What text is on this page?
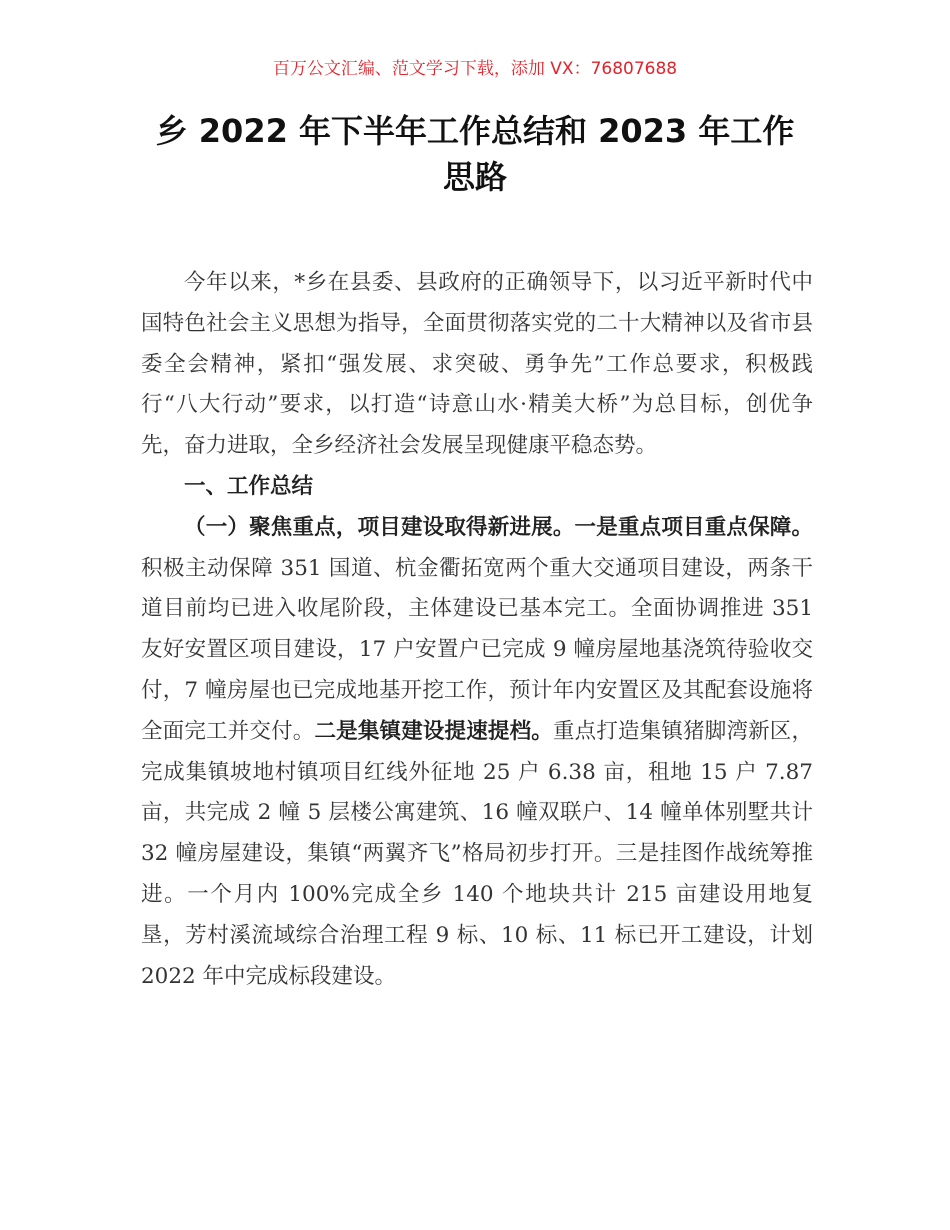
百万公文汇编、范文学习下载，添加 VX：76807688
乡 2022 年下半年工作总结和 2023 年工作思路

今年以来，*乡在县委、县政府的正确领导下，以习近平新时代中国特色社会主义思想为指导，全面贯彻落实党的二十大精神以及省市县委全会精神，紧扣“强发展、求突破、勇争先”工作总要求，积极践行“八大行动”要求，以打造“诗意山水·精美大桥”为总目标，创优争先，奋力进取，全乡经济社会发展呈现健康平稳态势。

一、工作总结

（一）聚焦重点，项目建设取得新进展。一是重点项目重点保障。积极主动保障 351 国道、杭金衢拓宽两个重大交通项目建设，两条干道目前均已进入收尾阶段，主体建设已基本完工。全面协调推进 351 友好安置区项目建设，17 户安置户已完成 9 幢房屋地基浇筑待验收交付，7 幢房屋也已完成地基开挖工作，预计年内安置区及其配套设施将全面完工并交付。二是集镇建设提速提档。重点打造集镇猪脚湾新区，完成集镇坡地村镇项目红线外征地 25 户 6.38 亩，租地 15 户 7.87 亩，共完成 2 幢 5 层楼公寓建筑、16 幢双联户、14 幢单体别墅共计 32 幢房屋建设，集镇“两翼齐飞”格局初步打开。三是挂图作战统筹推进。一个月内 100%完成全乡 140 个地块共计 215 亩建设用地复垦，芳村溪流域综合治理工程 9 标、10 标、11 标已开工建设，计划 2022 年中完成标段建设。
